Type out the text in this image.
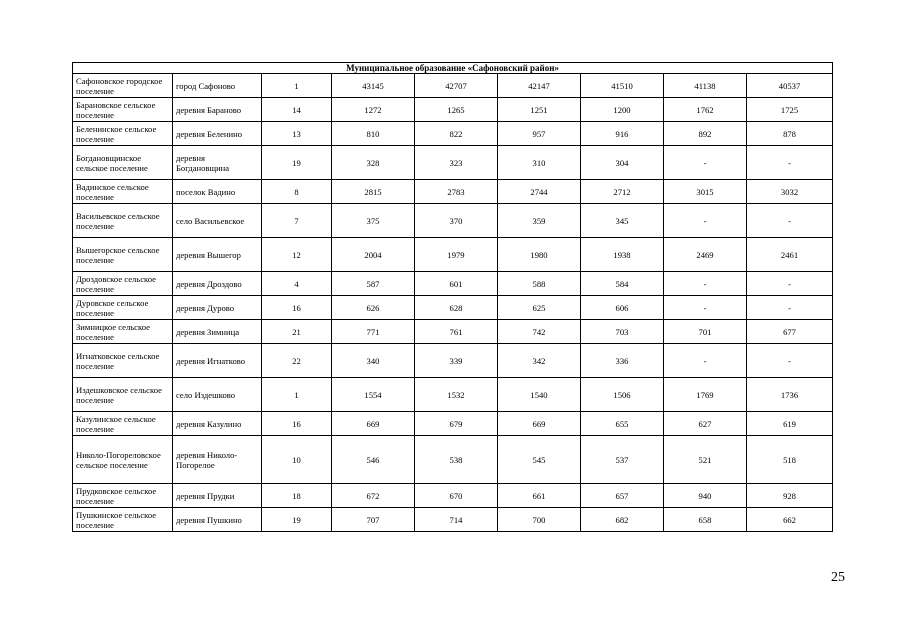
Муниципальное образование «Сафоновский район»								
Сафоновское городское поселение	город Сафоново	1	43145	42707	42147	41510	41138	40537
Барановское сельское поселение	деревня Бараново	14	1272	1265	1251	1200	1762	1725
Беленинское сельское поселение	деревня Беленино	13	810	822	957	916	892	878
Богдановщинское сельское поселение	деревня Богдановщина	19	328	323	310	304	-	-
Вадинское сельское поселение	поселок Вадино	8	2815	2783	2744	2712	3015	3032
Васильевское сельское поселение	село Васильевское	7	375	370	359	345	-	-
Вышегорское сельское поселение	деревня Вышегор	12	2004	1979	1980	1938	2469	2461
Дроздовское сельское поселение	деревня Дроздово	4	587	601	588	584	-	-
Дуровское сельское поселение	деревня Дурово	16	626	628	625	606	-	-
Зимницкое сельское поселение	деревня Зимница	21	771	761	742	703	701	677
Игнатковское сельское поселение	деревня Игнатково	22	340	339	342	336	-	-
Издешковское сельское поселение	село Издешково	1	1554	1532	1540	1506	1769	1736
Казулинское сельское поселение	деревня Казулино	16	669	679	669	655	627	619
Николо-Погореловское сельское поселение	деревня Николо-Погорелое	10	546	538	545	537	521	518
Прудковское сельское поселение	деревня Прудки	18	672	670	661	657	940	928
Пушкинское сельское поселение	деревня Пушкино	19	707	714	700	682	658	662
25
